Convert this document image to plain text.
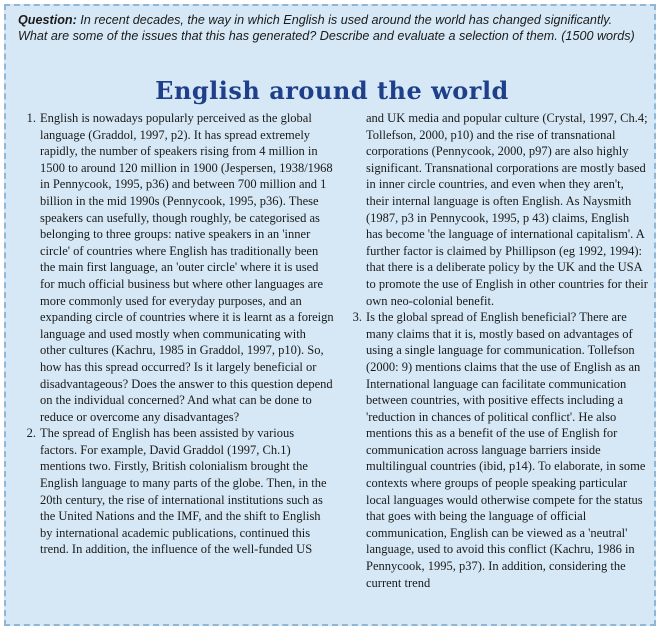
Question: In recent decades, the way in which English is used around the world has changed significantly. What are some of the issues that this has generated? Describe and evaluate a selection of them. (1500 words)
English around the world
1. English is nowadays popularly perceived as the global language (Graddol, 1997, p2). It has spread extremely rapidly, the number of speakers rising from 4 million in 1500 to around 120 million in 1900 (Jespersen, 1938/1968 in Pennycook, 1995, p36) and between 700 million and 1 billion in the mid 1990s (Pennycook, 1995, p36). These speakers can usefully, though roughly, be categorised as belonging to three groups: native speakers in an 'inner circle' of countries where English has traditionally been the main first language, an 'outer circle' where it is used for much official business but where other languages are more commonly used for everyday purposes, and an expanding circle of countries where it is learnt as a foreign language and used mostly when communicating with other cultures (Kachru, 1985 in Graddol, 1997, p10). So, how has this spread occurred? Is it largely beneficial or disadvantageous? Does the answer to this question depend on the individual concerned? And what can be done to reduce or overcome any disadvantages?
2. The spread of English has been assisted by various factors. For example, David Graddol (1997, Ch.1) mentions two. Firstly, British colonialism brought the English language to many parts of the globe. Then, in the 20th century, the rise of international institutions such as the United Nations and the IMF, and the shift to English by international academic publications, continued this trend. In addition, the influence of the well-funded US
and UK media and popular culture (Crystal, 1997, Ch.4; Tollefson, 2000, p10) and the rise of transnational corporations (Pennycook, 2000, p97) are also highly significant. Transnational corporations are mostly based in inner circle countries, and even when they aren't, their internal language is often English. As Naysmith (1987, p3 in Pennycook, 1995, p 43) claims, English has become 'the language of international capitalism'. A further factor is claimed by Phillipson (eg 1992, 1994): that there is a deliberate policy by the UK and the USA to promote the use of English in other countries for their own neo-colonial benefit.
3. Is the global spread of English beneficial? There are many claims that it is, mostly based on advantages of using a single language for communication. Tollefson (2000: 9) mentions claims that the use of English as an International language can facilitate communication between countries, with positive effects including a 'reduction in chances of political conflict'. He also mentions this as a benefit of the use of English for communication across language barriers inside multilingual countries (ibid, p14). To elaborate, in some contexts where groups of people speaking particular local languages would otherwise compete for the status that goes with being the language of official communication, English can be viewed as a 'neutral' language, used to avoid this conflict (Kachru, 1986 in Pennycook, 1995, p37). In addition, considering the current trend
